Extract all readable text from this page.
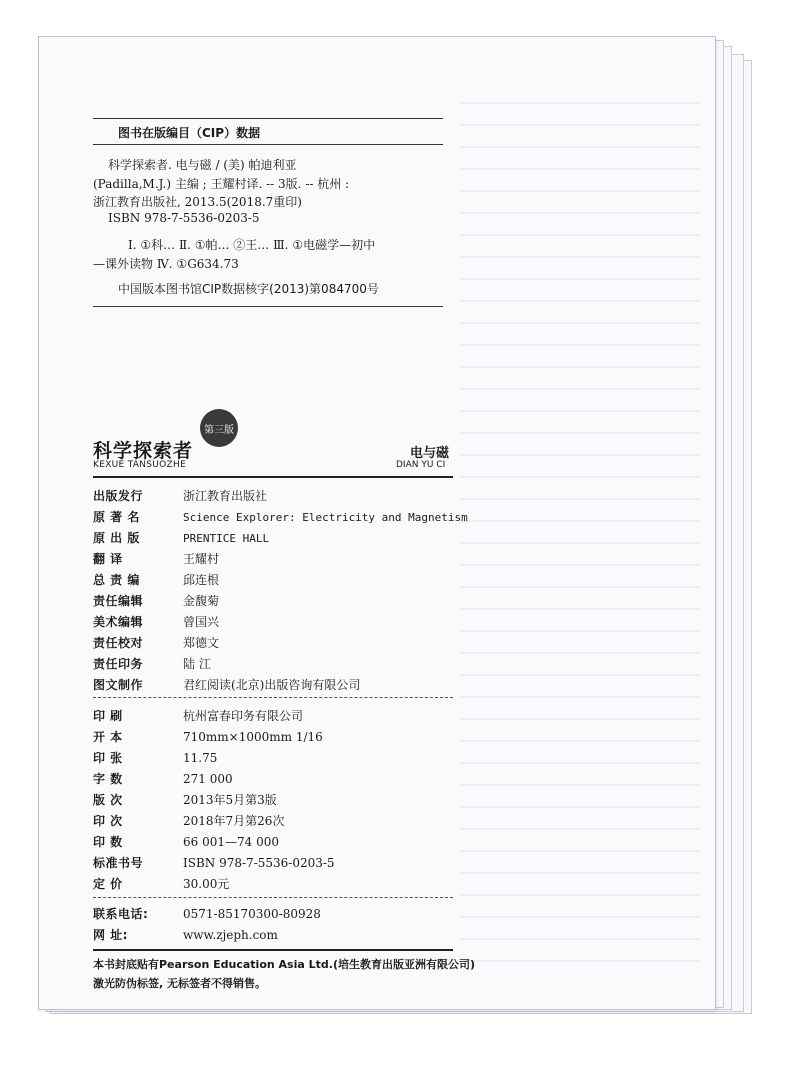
图书在版编目（CIP）数据
科学探索者. 电与磁 / (美) 帕迪利亚
(Padilla,M.J.) 主编 ; 王耀村译. -- 3版. -- 杭州 :
浙江教育出版社, 2013.5(2018.7重印)
ISBN 978-7-5536-0203-5
Ⅰ. ①科… Ⅱ. ①帕… ②王… Ⅲ. ①电磁学—初中
—课外读物 Ⅳ. ①G634.73
中国版本图书馆CIP数据核字(2013)第084700号
第三版
科学探索者
KEXUE TANSUOZHE
电与磁
DIAN YU CI
出版发行	浙江教育出版社
原 著 名	Science Explorer: Electricity and Magnetism
原 出 版	PRENTICE HALL
翻 译	王耀村
总 责 编	邱连根
责任编辑	金馥菊
美术编辑	曾国兴
责任校对	郑德文
责任印务	陆 江
图文制作	君红阅读(北京)出版咨询有限公司
印 刷	杭州富春印务有限公司
开 本	710mm×1000mm 1/16
印 张	11.75
字 数	271 000
版 次	2013年5月第3版
印 次	2018年7月第26次
印 数	66 001—74 000
标准书号	ISBN 978-7-5536-0203-5
定 价	30.00元
联系电话:	0571-85170300-80928
网 址:	www.zjeph.com
本书封底贴有Pearson Education Asia Ltd.(培生教育出版亚洲有限公司)
激光防伪标签, 无标签者不得销售。
